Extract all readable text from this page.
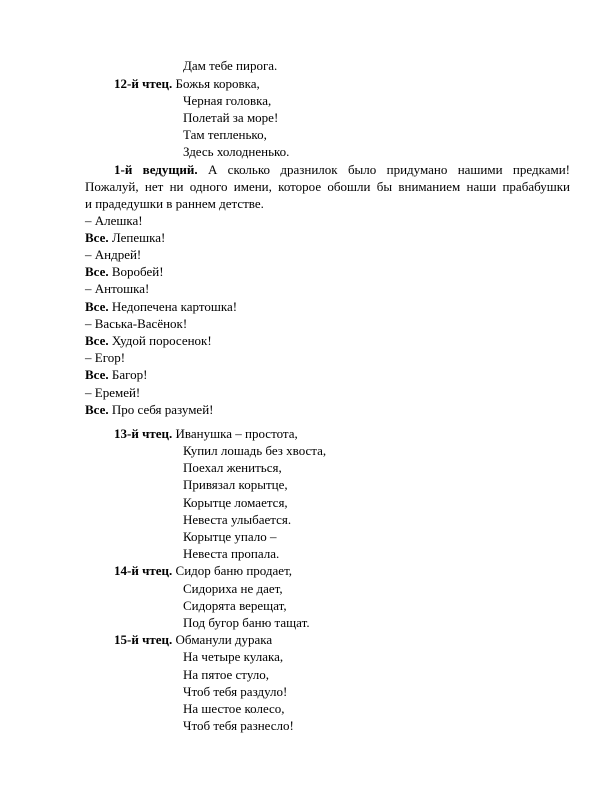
Дам тебе пирога.
12-й чтец. Божья коровка,
Черная головка,
Полетай за море!
Там тепленько,
Здесь холодненько.
1-й ведущий. А сколько дразнилок было придумано нашими предками!
Пожалуй, нет ни одного имени, которое обошли бы вниманием наши прабабушки
и прадедушки в раннем детстве.
– Алешка!
Все. Лепешка!
– Андрей!
Все. Воробей!
– Антошка!
Все. Недопечена картошка!
– Васька-Васёнок!
Все. Худой поросенок!
– Егор!
Все. Багор!
– Еремей!
Все. Про себя разумей!
13-й чтец. Иванушка – простота,
Купил лошадь без хвоста,
Поехал жениться,
Привязал корытце,
Корытце ломается,
Невеста улыбается.
Корытце упало –
Невеста пропала.
14-й чтец. Сидор баню продает,
Сидориха не дает,
Сидорята верещат,
Под бугор баню тащат.
15-й чтец. Обманули дурака
На четыре кулака,
На пятое стуло,
Чтоб тебя раздуло!
На шестое колесо,
Чтоб тебя разнесло!
